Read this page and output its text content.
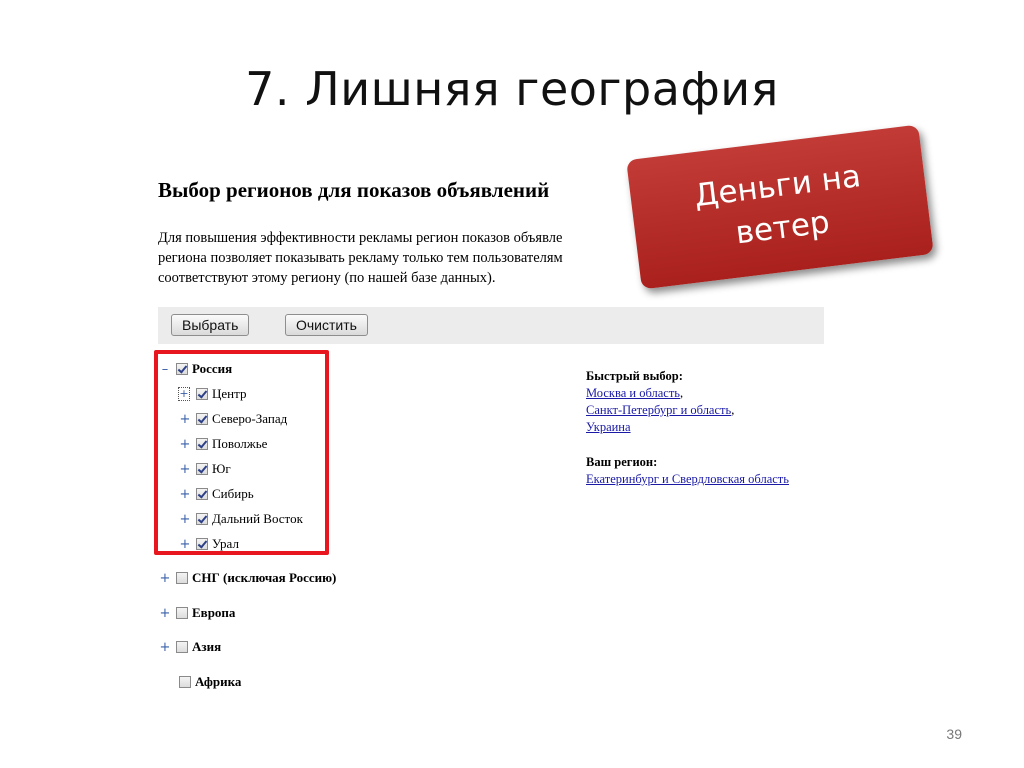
7. Лишняя география
Выбор регионов для показов объявлений
Для повышения эффективности рекламы регион показов объявле
региона позволяет показывать рекламу только тем пользователям
соответствуют этому региону (по нашей базе данных).
Выбрать	Очистить
– Россия
+ Центр
+ Северо-Запад
+ Поволжье
+ Юг
+ Сибирь
+ Дальний Восток
+ Урал
+ СНГ (исключая Россию)
+ Европа
+ Азия
Африка
Быстрый выбор:
Москва и область,
Санкт-Петербург и область,
Украина
Ваш регион:
Екатеринбург и Свердловская область
Деньги на
ветер
39
